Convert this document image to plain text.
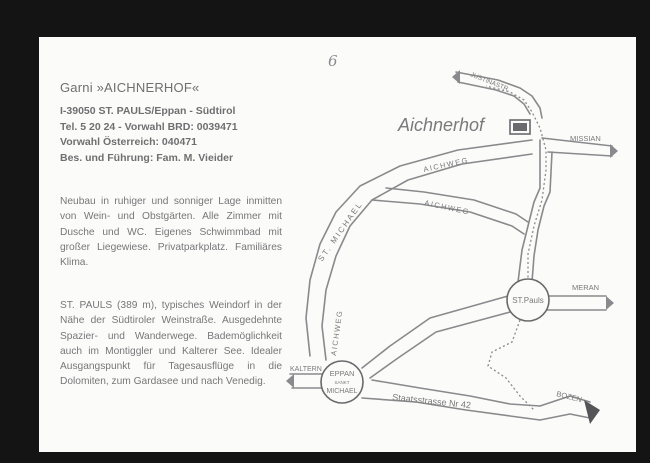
6
Garni »AICHNERHOF«
I-39050 ST. PAULS/Eppan - Südtirol
Tel. 5 20 24 - Vorwahl BRD: 0039471
Vorwahl Österreich: 040471
Bes. und Führung: Fam. M. Vieider
Neubau in ruhiger und sonniger Lage inmitten von Wein- und Obstgärten. Alle Zimmer mit Dusche und WC. Eigenes Schwimmbad mit großer Liegewiese. Privatparkplatz. Familiäres Klima.
ST. PAULS (389 m), typisches Weindorf in der Nähe der Südtiroler Weinstraße. Ausgedehnte Spazier- und Wanderwege. Bademöglichkeit auch im Montiggler und Kalterer See. Idealer Ausgangspunkt für Tagesausflüge in die Dolomiten, zum Gardasee und nach Venedig.
Aichnerhof
JUSTINASTR.
MISSIAN
AICHWEG
AICHWEG
AICHWEG
ST. MICHAEL
MERAN
KALTERN
Staatsstrasse Nr 42	BOZEN
ST.Pauls
EPPAN
SANKT
MICHAEL
